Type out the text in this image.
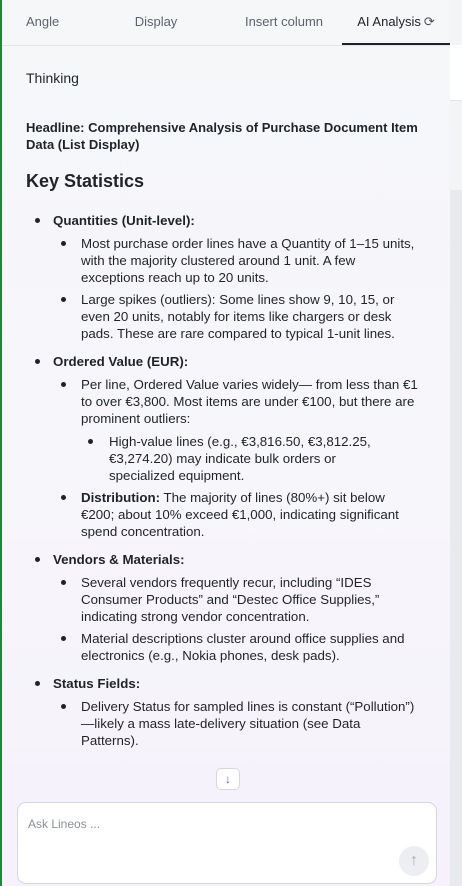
Angle	Display	Insert column	AI Analysis ⟳
Thinking
Headline: Comprehensive Analysis of Purchase Document Item Data (List Display)
Key Statistics
Quantities (Unit-level):
Most purchase order lines have a Quantity of 1–15 units, with the majority clustered around 1 unit. A few exceptions reach up to 20 units.
Large spikes (outliers): Some lines show 9, 10, 15, or even 20 units, notably for items like chargers or desk pads. These are rare compared to typical 1-unit lines.
Ordered Value (EUR):
Per line, Ordered Value varies widely— from less than €1 to over €3,800. Most items are under €100, but there are prominent outliers:
High-value lines (e.g., €3,816.50, €3,812.25, €3,274.20) may indicate bulk orders or specialized equipment.
Distribution: The majority of lines (80%+) sit below €200; about 10% exceed €1,000, indicating significant spend concentration.
Vendors & Materials:
Several vendors frequently recur, including “IDES Consumer Products” and “Destec Office Supplies,” indicating strong vendor concentration.
Material descriptions cluster around office supplies and electronics (e.g., Nokia phones, desk pads).
Status Fields:
Delivery Status for sampled lines is constant (“Pollution”)—likely a mass late-delivery situation (see Data Patterns).
↓
Ask Lineos ...
↑
